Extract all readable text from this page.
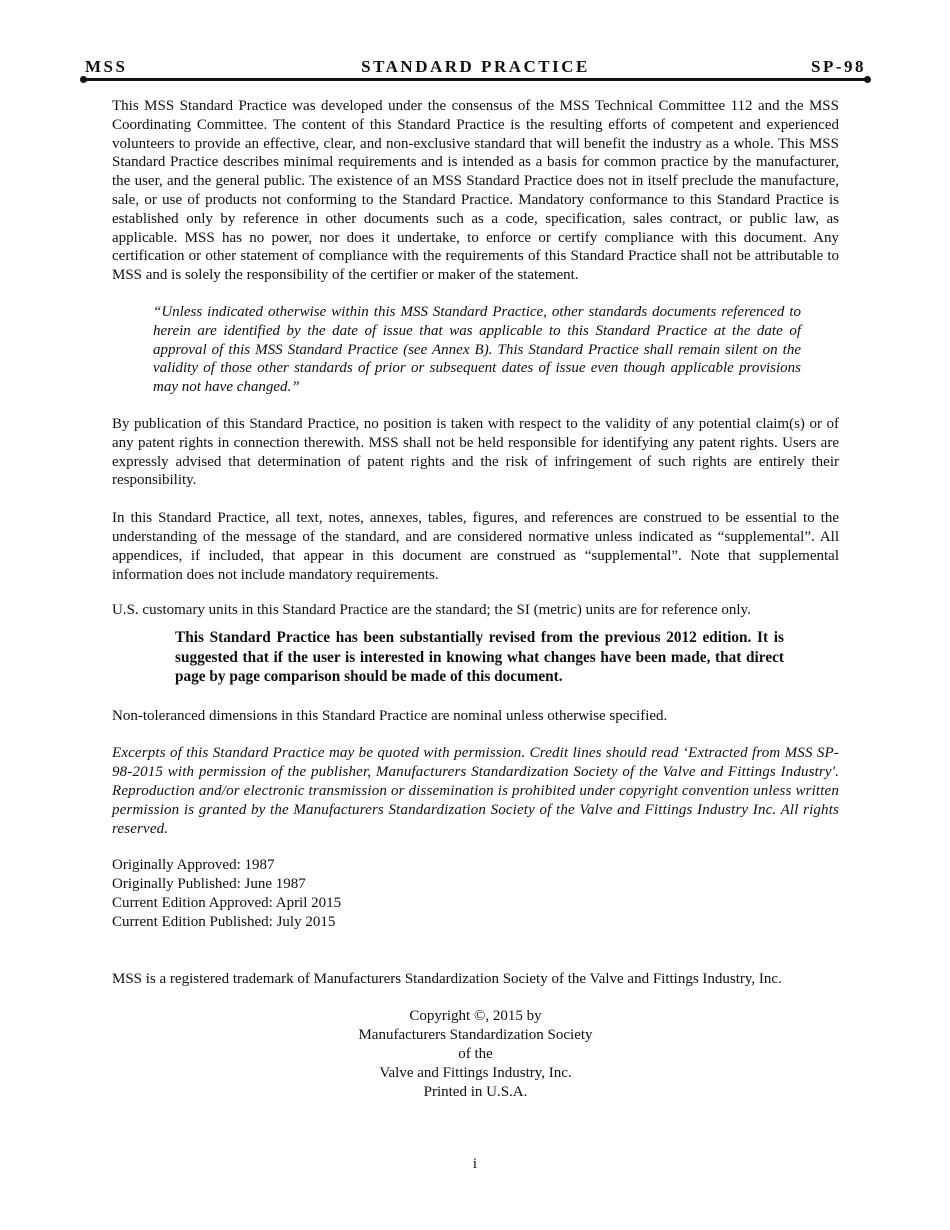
MSS	STANDARD PRACTICE	SP-98

This MSS Standard Practice was developed under the consensus of the MSS Technical Committee 112 and the MSS Coordinating Committee. The content of this Standard Practice is the resulting efforts of competent and experienced volunteers to provide an effective, clear, and non-exclusive standard that will benefit the industry as a whole. This MSS Standard Practice describes minimal requirements and is intended as a basis for common practice by the manufacturer, the user, and the general public. The existence of an MSS Standard Practice does not in itself preclude the manufacture, sale, or use of products not conforming to the Standard Practice. Mandatory conformance to this Standard Practice is established only by reference in other documents such as a code, specification, sales contract, or public law, as applicable. MSS has no power, nor does it undertake, to enforce or certify compliance with this document. Any certification or other statement of compliance with the requirements of this Standard Practice shall not be attributable to MSS and is solely the responsibility of the certifier or maker of the statement.

“Unless indicated otherwise within this MSS Standard Practice, other standards documents referenced to herein are identified by the date of issue that was applicable to this Standard Practice at the date of approval of this MSS Standard Practice (see Annex B). This Standard Practice shall remain silent on the validity of those other standards of prior or subsequent dates of issue even though applicable provisions may not have changed.”

By publication of this Standard Practice, no position is taken with respect to the validity of any potential claim(s) or of any patent rights in connection therewith. MSS shall not be held responsible for identifying any patent rights. Users are expressly advised that determination of patent rights and the risk of infringement of such rights are entirely their responsibility.

In this Standard Practice, all text, notes, annexes, tables, figures, and references are construed to be essential to the understanding of the message of the standard, and are considered normative unless indicated as “supplemental”. All appendices, if included, that appear in this document are construed as “supplemental”. Note that supplemental information does not include mandatory requirements.

U.S. customary units in this Standard Practice are the standard; the SI (metric) units are for reference only.

This Standard Practice has been substantially revised from the previous 2012 edition. It is suggested that if the user is interested in knowing what changes have been made, that direct page by page comparison should be made of this document.

Non-toleranced dimensions in this Standard Practice are nominal unless otherwise specified.

Excerpts of this Standard Practice may be quoted with permission. Credit lines should read ‘Extracted from MSS SP-98-2015 with permission of the publisher, Manufacturers Standardization Society of the Valve and Fittings Industry'. Reproduction and/or electronic transmission or dissemination is prohibited under copyright convention unless written permission is granted by the Manufacturers Standardization Society of the Valve and Fittings Industry Inc. All rights reserved.

Originally Approved: 1987
Originally Published: June 1987
Current Edition Approved: April 2015
Current Edition Published: July 2015

MSS is a registered trademark of Manufacturers Standardization Society of the Valve and Fittings Industry, Inc.

Copyright ©, 2015 by
Manufacturers Standardization Society
of the
Valve and Fittings Industry, Inc.
Printed in U.S.A.
i
